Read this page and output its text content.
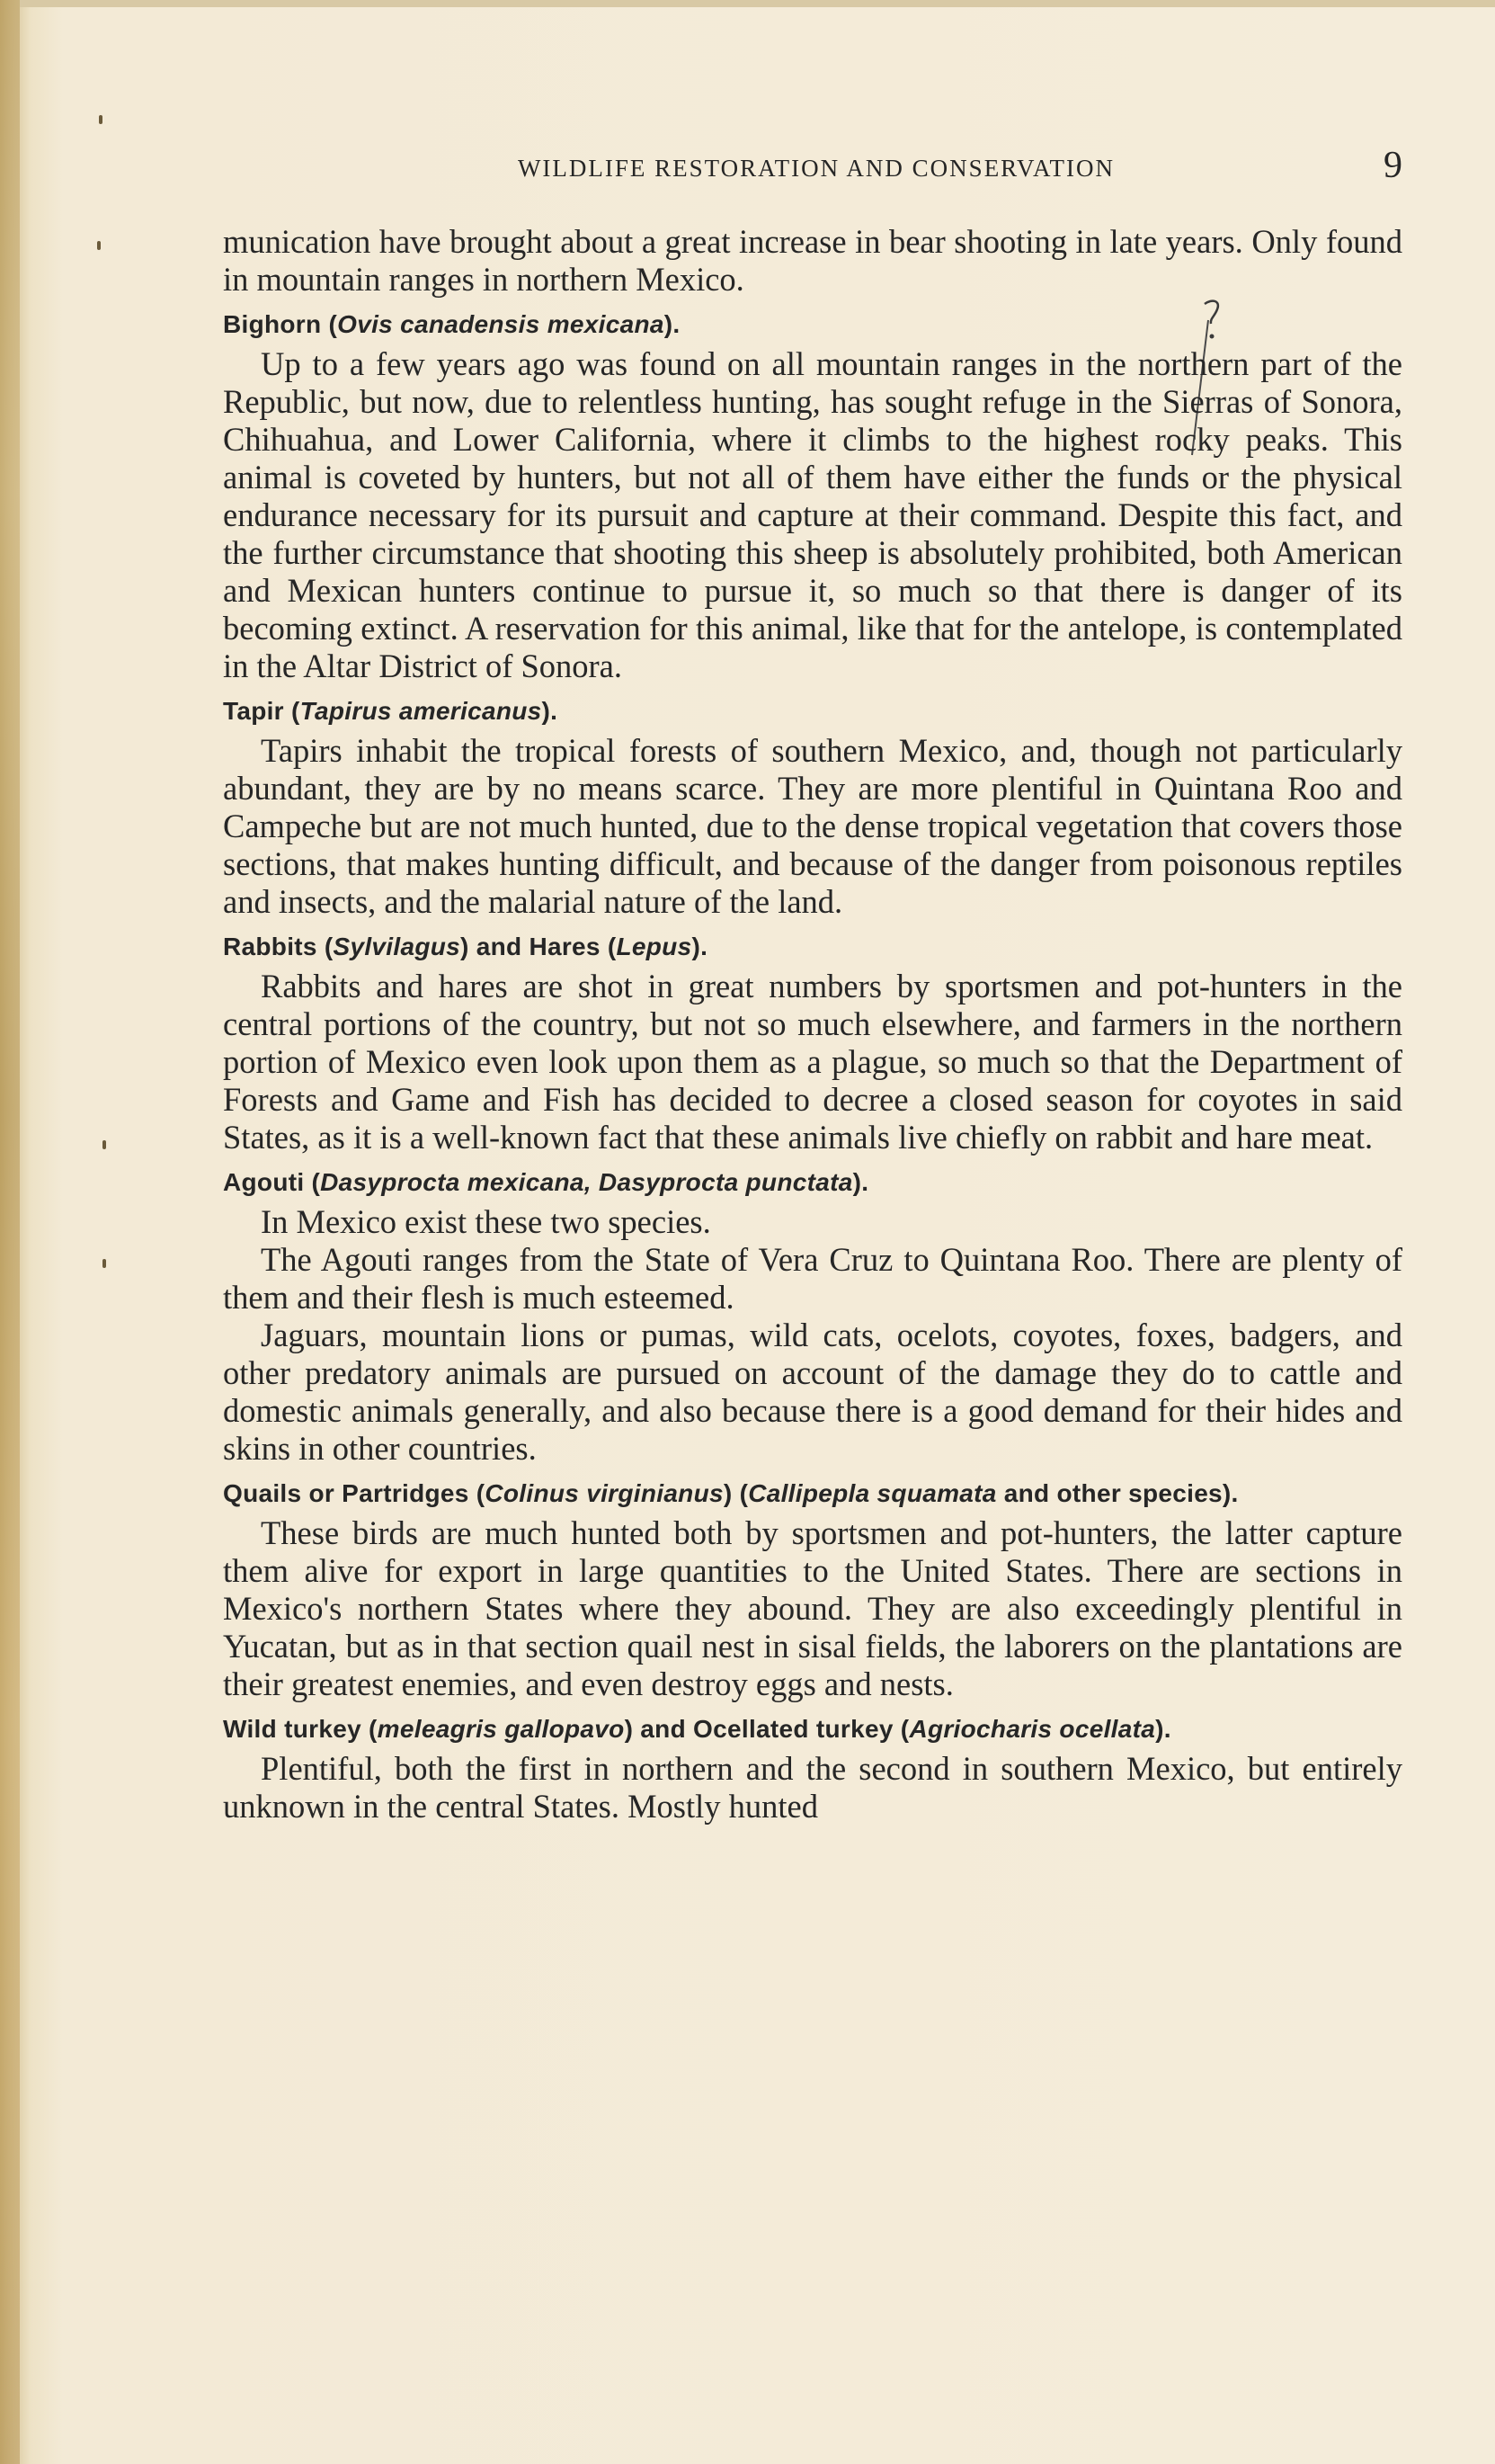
WILDLIFE RESTORATION AND CONSERVATION	9

munication have brought about a great increase in bear shooting in late years. Only found in mountain ranges in northern Mexico.

Bighorn (Ovis canadensis mexicana).

Up to a few years ago was found on all mountain ranges in the northern part of the Republic, but now, due to relentless hunting, has sought refuge in the Sierras of Sonora, Chihuahua, and Lower California, where it climbs to the highest rocky peaks. This animal is coveted by hunters, but not all of them have either the funds or the physical endurance necessary for its pursuit and capture at their command. Despite this fact, and the further circumstance that shooting this sheep is absolutely prohibited, both American and Mexican hunters continue to pursue it, so much so that there is danger of its becoming extinct. A reservation for this animal, like that for the antelope, is contemplated in the Altar District of Sonora.

Tapir (Tapirus americanus).

Tapirs inhabit the tropical forests of southern Mexico, and, though not particularly abundant, they are by no means scarce. They are more plentiful in Quintana Roo and Campeche but are not much hunted, due to the dense tropical vegetation that covers those sections, that makes hunting difficult, and because of the danger from poisonous reptiles and insects, and the malarial nature of the land.

Rabbits (Sylvilagus) and Hares (Lepus).

Rabbits and hares are shot in great numbers by sportsmen and pot-hunters in the central portions of the country, but not so much elsewhere, and farmers in the northern portion of Mexico even look upon them as a plague, so much so that the Department of Forests and Game and Fish has decided to decree a closed season for coyotes in said States, as it is a well-known fact that these animals live chiefly on rabbit and hare meat.

Agouti (Dasyprocta mexicana, Dasyprocta punctata).

In Mexico exist these two species.

The Agouti ranges from the State of Vera Cruz to Quintana Roo. There are plenty of them and their flesh is much esteemed.

Jaguars, mountain lions or pumas, wild cats, ocelots, coyotes, foxes, badgers, and other predatory animals are pursued on account of the damage they do to cattle and domestic animals generally, and also because there is a good demand for their hides and skins in other countries.

Quails or Partridges (Colinus virginianus) (Callipepla squamata and other species).

These birds are much hunted both by sportsmen and pot-hunters, the latter capture them alive for export in large quantities to the United States. There are sections in Mexico's northern States where they abound. They are also exceedingly plentiful in Yucatan, but as in that section quail nest in sisal fields, the laborers on the plantations are their greatest enemies, and even destroy eggs and nests.

Wild turkey (meleagris gallopavo) and Ocellated turkey (Agriocharis ocellata).

Plentiful, both the first in northern and the second in southern Mexico, but entirely unknown in the central States. Mostly hunted
